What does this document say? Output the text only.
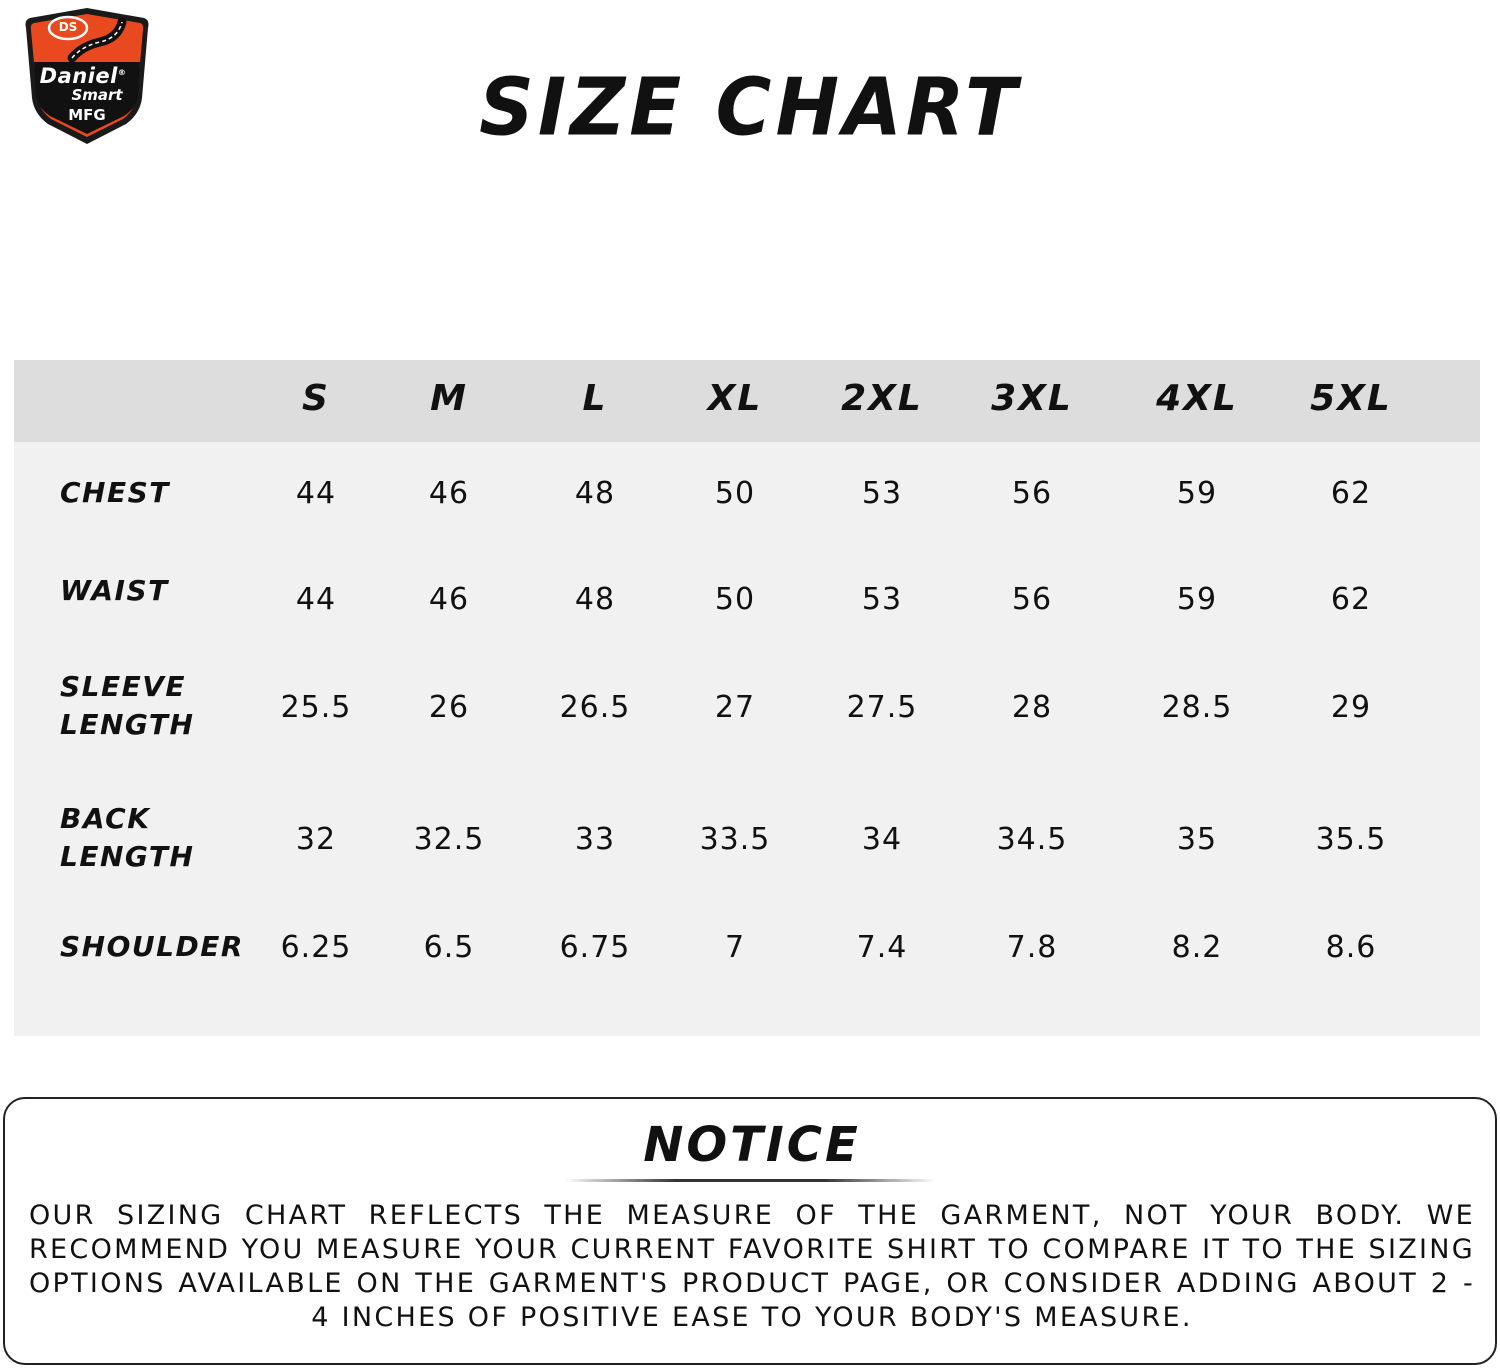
DS
Daniel®
Smart
MFG	SIZE CHART
S	M	L	XL	2XL	3XL	4XL	5XL
CHEST	44	46	48	50	53	56	59	62
WAIST	44	46	48	50	53	56	59	62
SLEEVE
LENGTH	25.5	26	26.5	27	27.5	28	28.5	29
BACK
LENGTH	32	32.5	33	33.5	34	34.5	35	35.5
SHOULDER	6.25	6.5	6.75	7	7.4	7.8	8.2	8.6
NOTICE
OUR SIZING CHART REFLECTS THE MEASURE OF THE GARMENT, NOT YOUR BODY. WE RECOMMEND YOU MEASURE YOUR CURRENT FAVORITE SHIRT TO COMPARE IT TO THE SIZING OPTIONS AVAILABLE ON THE GARMENT'S PRODUCT PAGE, OR CONSIDER ADDING ABOUT 2 - 4 INCHES OF POSITIVE EASE TO YOUR BODY'S MEASURE.
